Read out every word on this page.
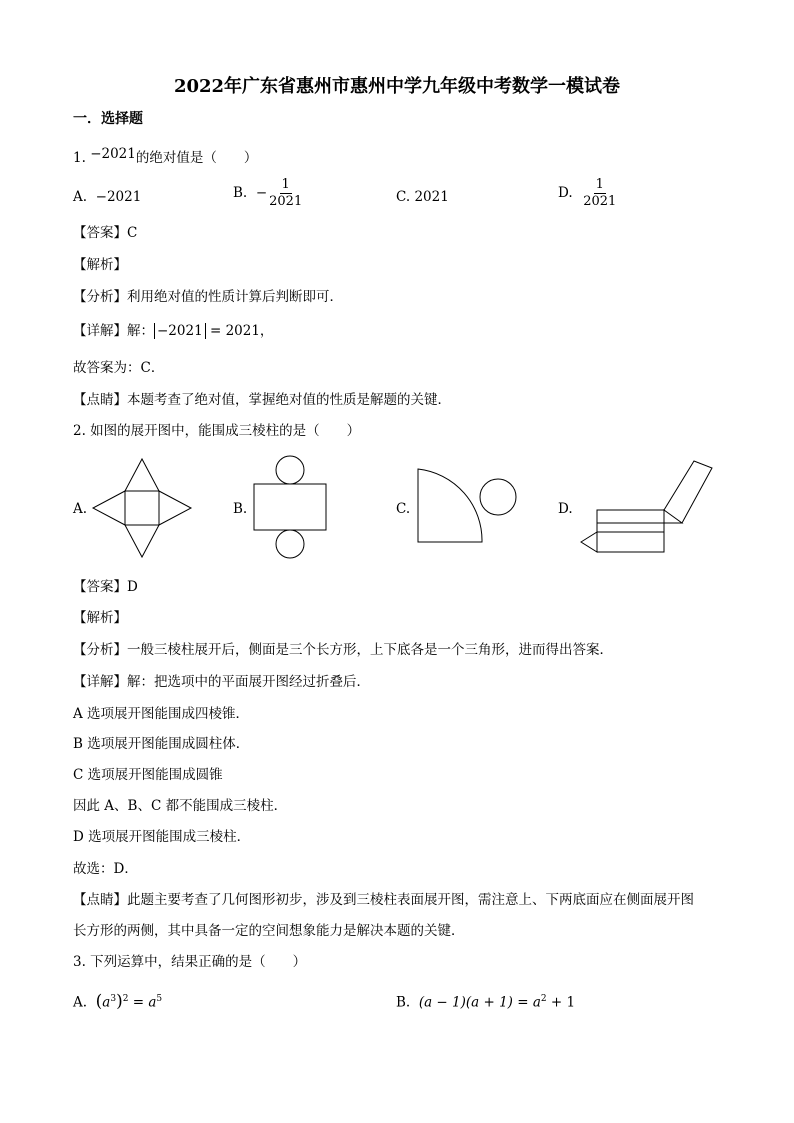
2022年广东省惠州市惠州中学九年级中考数学一模试卷
一．选择题
1. −2021的绝对值是（　　）
A. −2021	B. − $\frac{1}{2021}$	C. 2021	D. $\frac{1}{2021}$
【答案】C
【解析】
【分析】利用绝对值的性质计算后判断即可．
【详解】解： −2021 = 2021，
故答案为：C．
【点睛】本题考查了绝对值，掌握绝对值的性质是解题的关键．
2. 如图的展开图中，能围成三棱柱的是（　　）
A.	B.	C.	D.
【答案】D
【解析】
【分析】一般三棱柱展开后，侧面是三个长方形，上下底各是一个三角形，进而得出答案．
【详解】解：把选项中的平面展开图经过折叠后．
A 选项展开图能围成四棱锥．
B 选项展开图能围成圆柱体．
C 选项展开图能围成圆锥
因此 A、B、C 都不能围成三棱柱．
D 选项展开图能围成三棱柱．
故选：D．
【点睛】此题主要考查了几何图形初步，涉及到三棱柱表面展开图，需注意上、下两底面应在侧面展开图
长方形的两侧，其中具备一定的空间想象能力是解决本题的关键．
3. 下列运算中，结果正确的是（　　）
A. $(a^3)^2 = a^5$	B. $(a - 1)(a + 1) = a^2 + 1$
